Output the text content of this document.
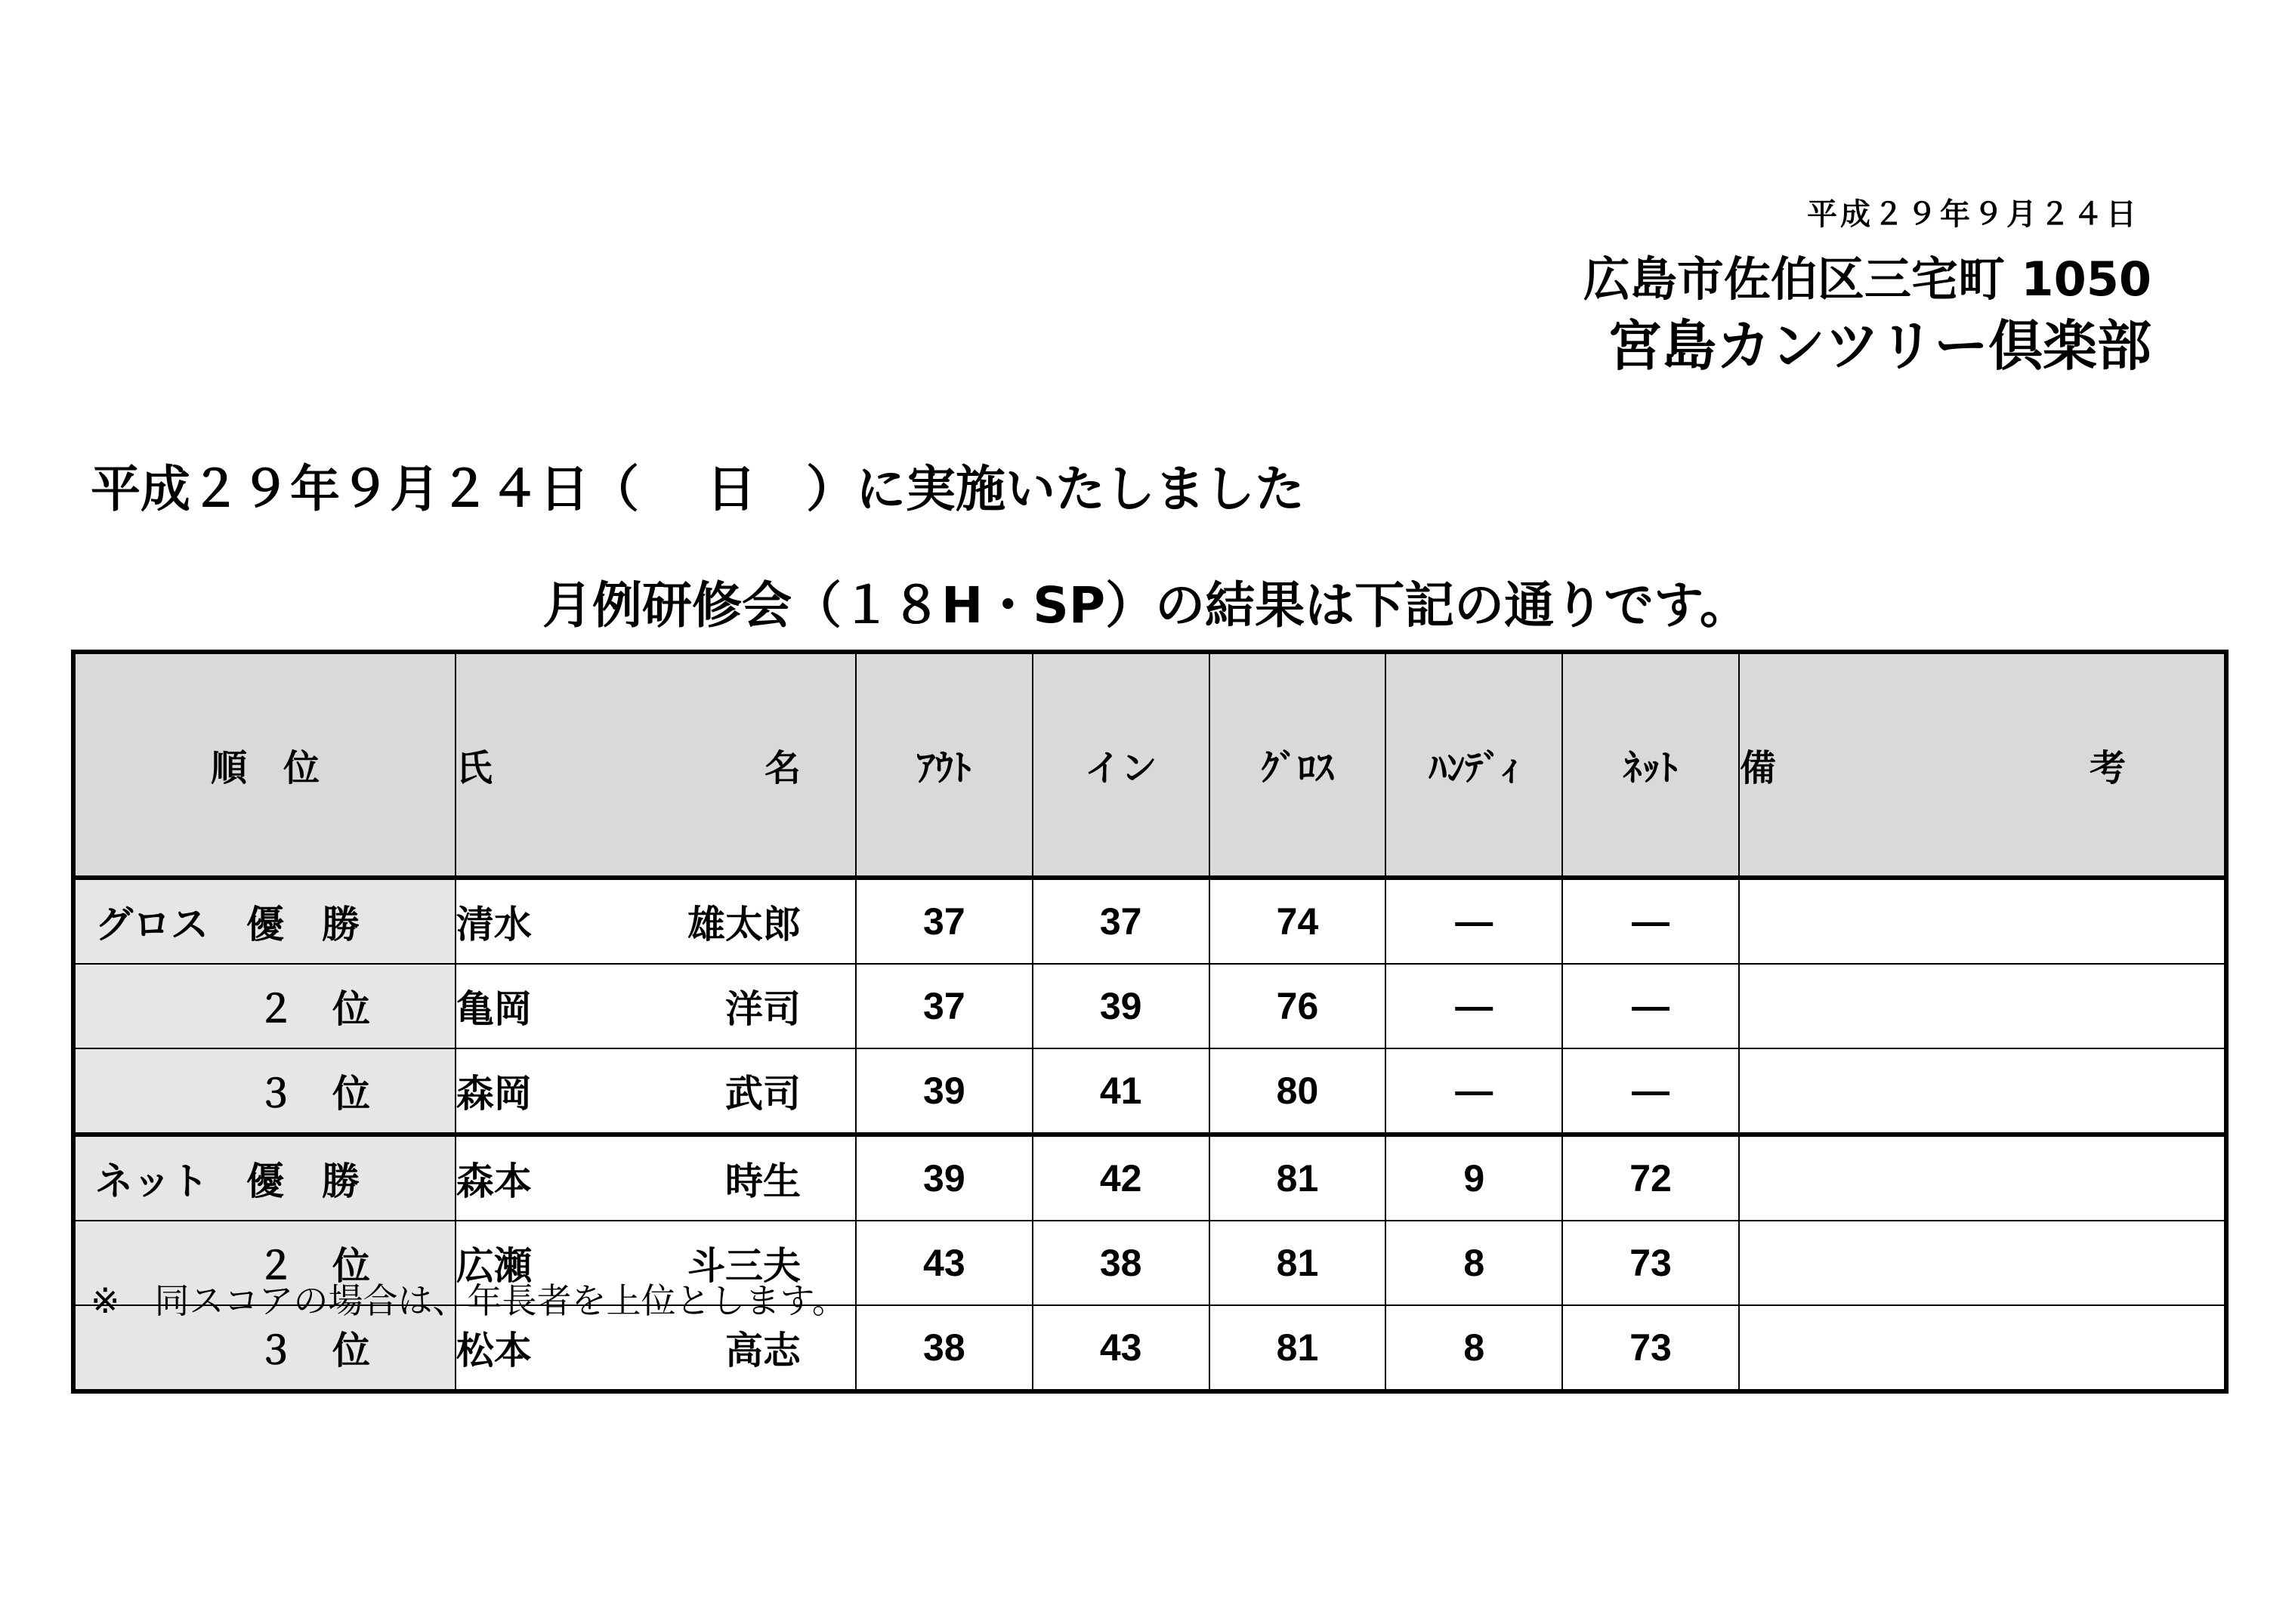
平成２９年９月２４日
広島市佐伯区三宅町 1050
宮島カンツリー倶楽部
平成２９年９月２４日（　 日　）に実施いたしました
月例研修会（１８H・SP）の結果は下記の通りです。
順　位	氏 名	ｱｳﾄ	イン	ｸﾞﾛｽ	ﾊﾝﾃﾞｨ	ﾈｯﾄ	備 考

グロス　優　勝	清水 雄太郎	37	37	74	—	—	
２　位	亀岡 洋司	37	39	76	—	—	
３　位	森岡 武司	39	41	80	—	—	
ネット　優　勝	森本 時生	39	42	81	9	72	
２　位	広瀬 斗三夫	43	38	81	8	73	
３　位	松本 高志	38	43	81	8	73	
※　同スコアの場合は、年長者を上位とします。
